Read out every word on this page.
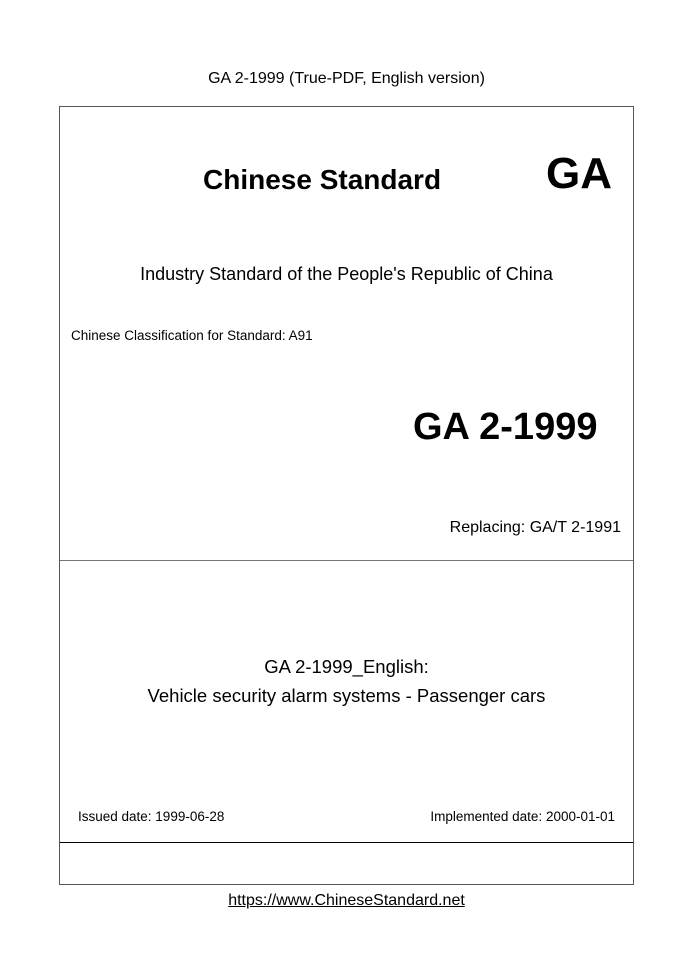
GA 2-1999 (True-PDF, English version)
Chinese Standard GA
Industry Standard of the People's Republic of China
Chinese Classification for Standard: A91
GA 2-1999
Replacing: GA/T 2-1991
GA 2-1999_English:
Vehicle security alarm systems - Passenger cars
Issued date: 1999-06-28	Implemented date: 2000-01-01
https://www.ChineseStandard.net
